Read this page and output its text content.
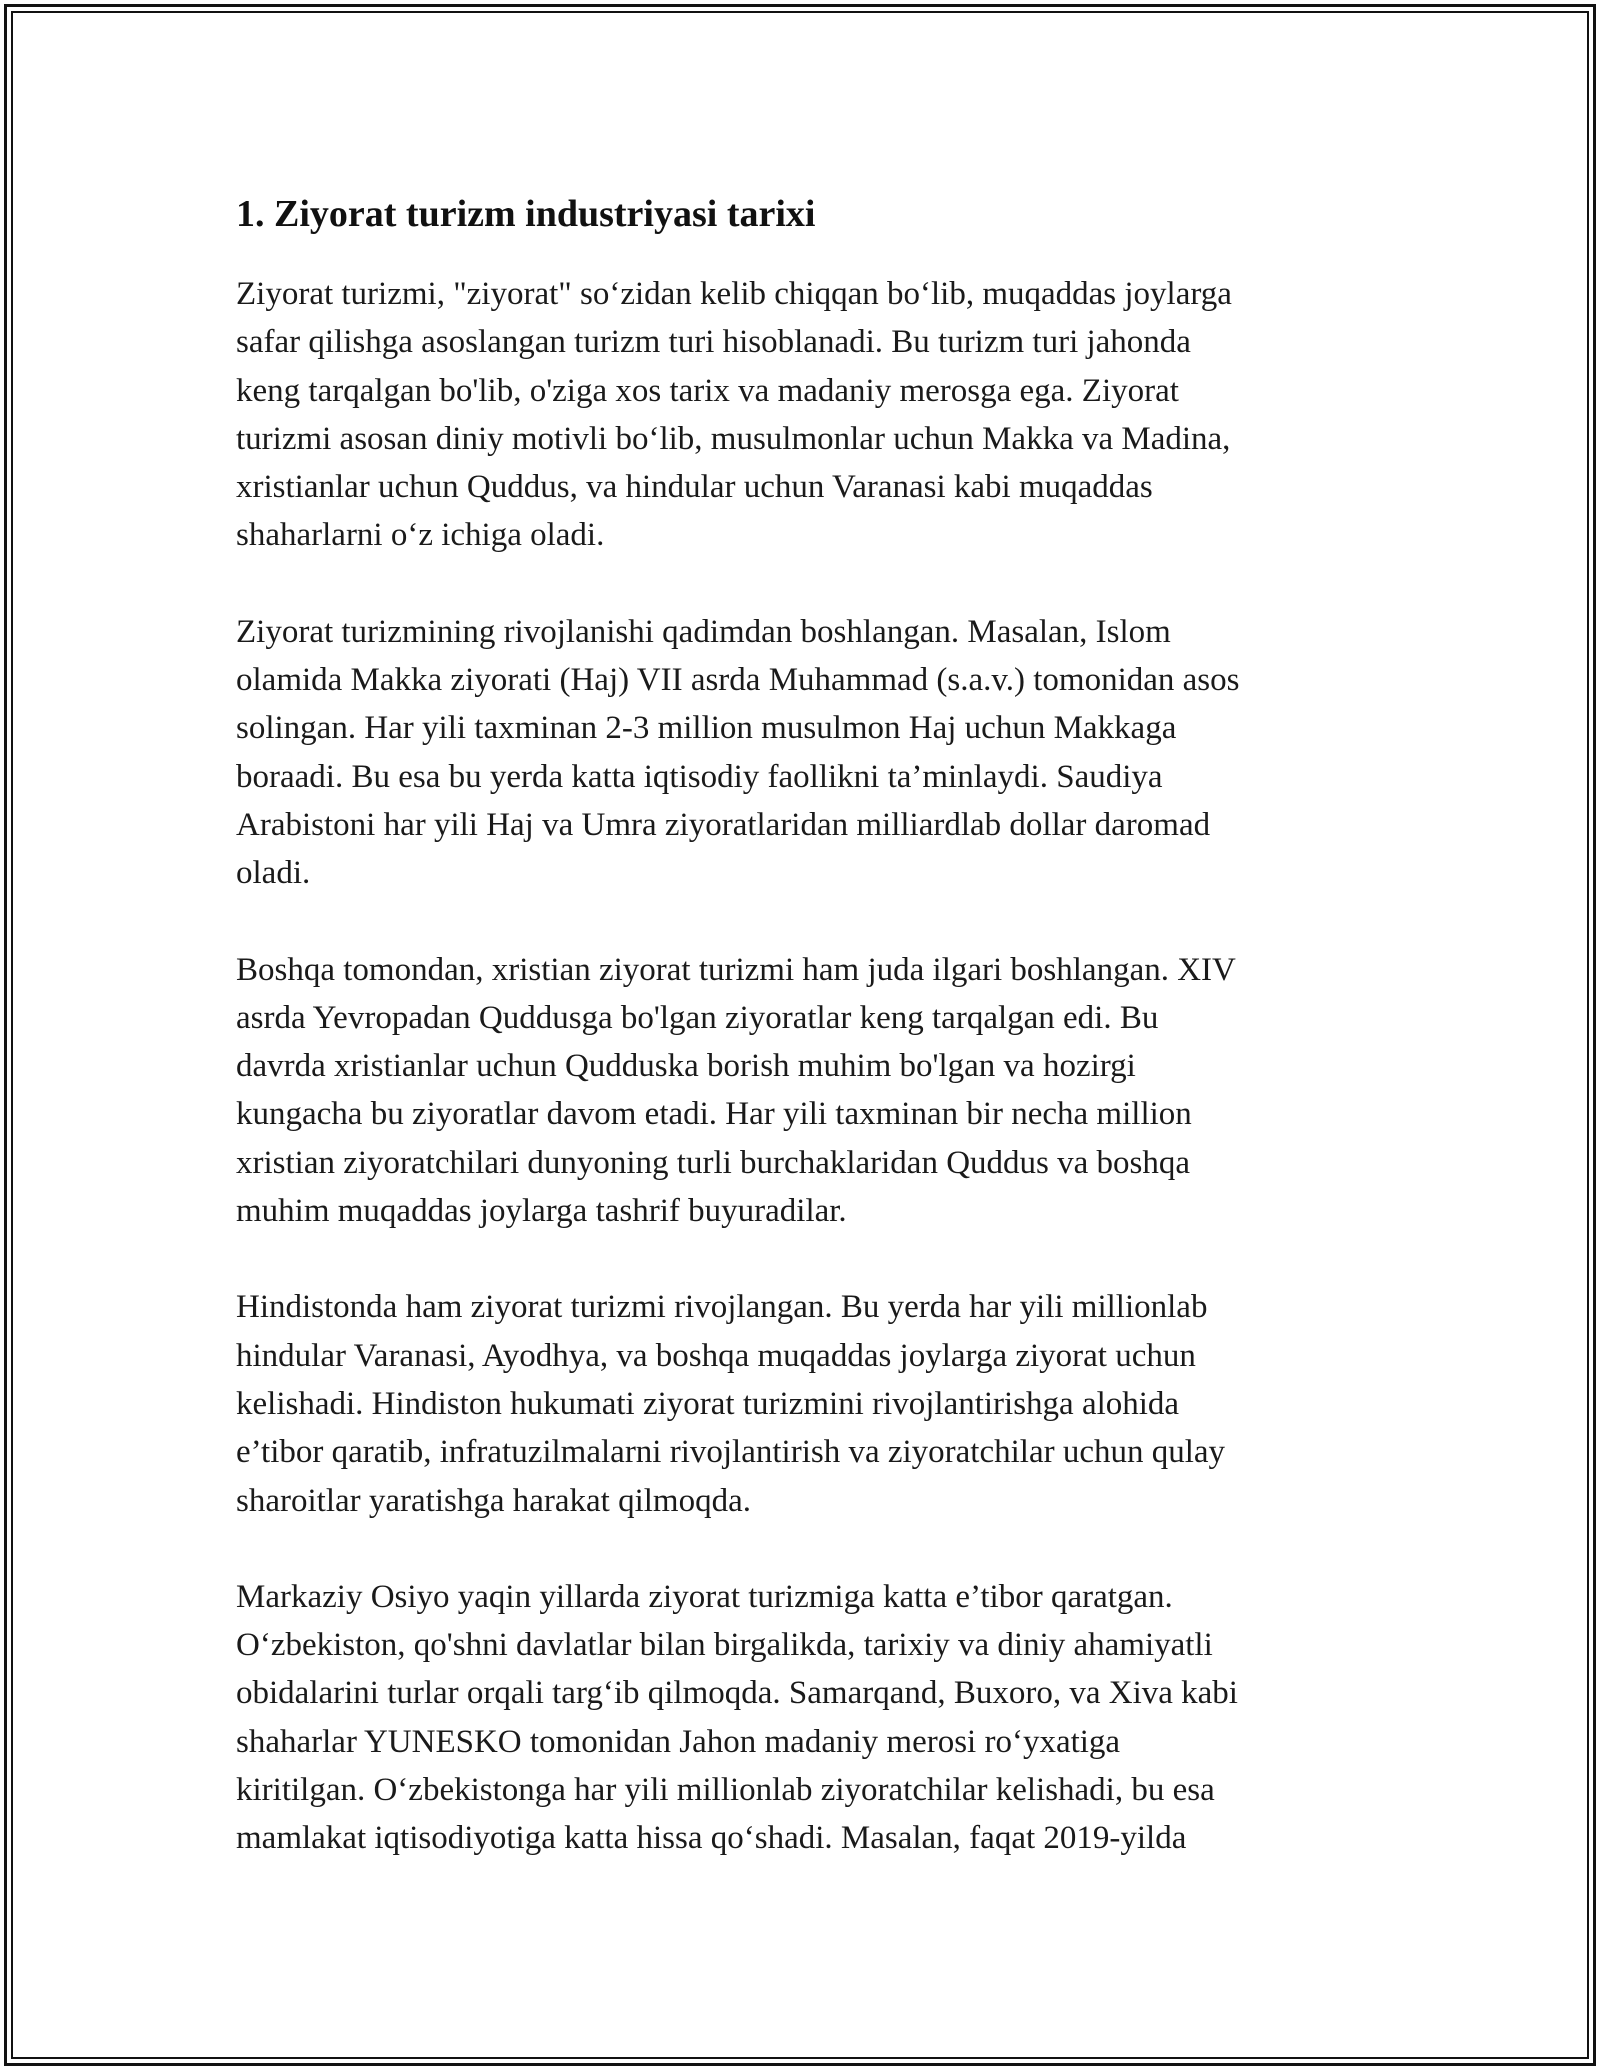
1. Ziyorat turizm industriyasi tarixi

Ziyorat turizmi, "ziyorat" so‘zidan kelib chiqqan bo‘lib, muqaddas joylarga
safar qilishga asoslangan turizm turi hisoblanadi. Bu turizm turi jahonda
keng tarqalgan bo'lib, o'ziga xos tarix va madaniy merosga ega. Ziyorat
turizmi asosan diniy motivli bo‘lib, musulmonlar uchun Makka va Madina,
xristianlar uchun Quddus, va hindular uchun Varanasi kabi muqaddas
shaharlarni o‘z ichiga oladi.

Ziyorat turizmining rivojlanishi qadimdan boshlangan. Masalan, Islom
olamida Makka ziyorati (Haj) VII asrda Muhammad (s.a.v.) tomonidan asos
solingan. Har yili taxminan 2-3 million musulmon Haj uchun Makkaga
boraadi. Bu esa bu yerda katta iqtisodiy faollikni ta’minlaydi. Saudiya
Arabistoni har yili Haj va Umra ziyoratlaridan milliardlab dollar daromad
oladi.

Boshqa tomondan, xristian ziyorat turizmi ham juda ilgari boshlangan. XIV
asrda Yevropadan Quddusga bo'lgan ziyoratlar keng tarqalgan edi. Bu
davrda xristianlar uchun Qudduska borish muhim bo'lgan va hozirgi
kungacha bu ziyoratlar davom etadi. Har yili taxminan bir necha million
xristian ziyoratchilari dunyoning turli burchaklaridan Quddus va boshqa
muhim muqaddas joylarga tashrif buyuradilar.

Hindistonda ham ziyorat turizmi rivojlangan. Bu yerda har yili millionlab
hindular Varanasi, Ayodhya, va boshqa muqaddas joylarga ziyorat uchun
kelishadi. Hindiston hukumati ziyorat turizmini rivojlantirishga alohida
e’tibor qaratib, infratuzilmalarni rivojlantirish va ziyoratchilar uchun qulay
sharoitlar yaratishga harakat qilmoqda.

Markaziy Osiyo yaqin yillarda ziyorat turizmiga katta e’tibor qaratgan.
O‘zbekiston, qo'shni davlatlar bilan birgalikda, tarixiy va diniy ahamiyatli
obidalarini turlar orqali targ‘ib qilmoqda. Samarqand, Buxoro, va Xiva kabi
shaharlar YUNESKO tomonidan Jahon madaniy merosi ro‘yxatiga
kiritilgan. O‘zbekistonga har yili millionlab ziyoratchilar kelishadi, bu esa
mamlakat iqtisodiyotiga katta hissa qo‘shadi. Masalan, faqat 2019-yilda
